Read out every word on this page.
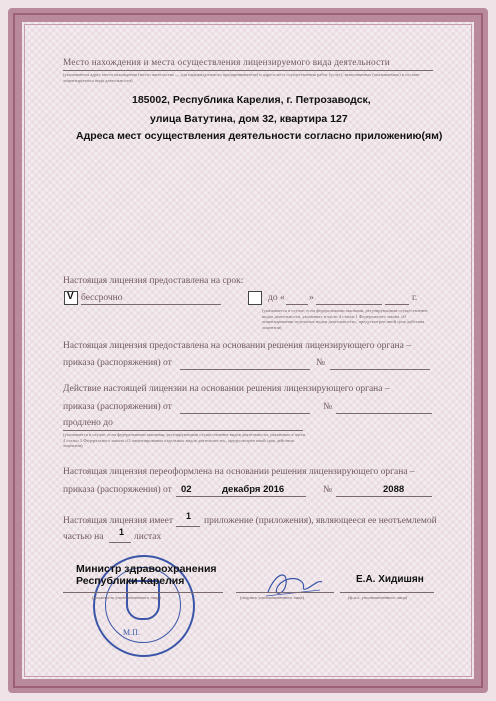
Место нахождения и места осуществления лицензируемого вида деятельности
(указываются адрес места нахождения (место жительства — для индивидуального предпринимателя) и адреса мест осуществления работ (услуг), выполняемых (оказываемых) в составе лицензируемого вида деятельности)
185002, Республика Карелия, г. Петрозаводск,
улица Ватутина, дом 32, квартира 127
Адреса мест осуществления деятельности согласно приложению(ям)
Настоящая лицензия предоставлена на срок:
V бессрочно	до «	»	г.
(указывается в случае, если федеральными законами, регулирующими осуществление видов деятельности, указанных в части 4 статьи 1 Федерального закона «О лицензировании отдельных видов деятельности», предусмотрен иной срок действия лицензии)
Настоящая лицензия предоставлена на основании решения лицензирующего органа –
приказа (распоряжения) от	№
Действие настоящей лицензии на основании решения лицензирующего органа –
приказа (распоряжения) от	№
продлено до
(указывается в случае, если федеральными законами, регулирующими осуществление видов деятельности, указанных в части 4 статьи 1 Федерального закона «О лицензировании отдельных видов деятельности», предусмотрен иной срок действия лицензии)
Настоящая лицензия переоформлена на основании решения лицензирующего органа –
приказа (распоряжения) от 02	декабря 2016	№	2088
Настоящая лицензия имеет 1 приложение (приложения), являющееся ее неотъемлемой
частью на 1 листах
М.П.
Министр здравоохранения
Республики Карелия
(должность уполномоченного лица)	(подпись уполномоченного лица)
Е.А. Хидишян
(ф.и.о. уполномоченного лица)
